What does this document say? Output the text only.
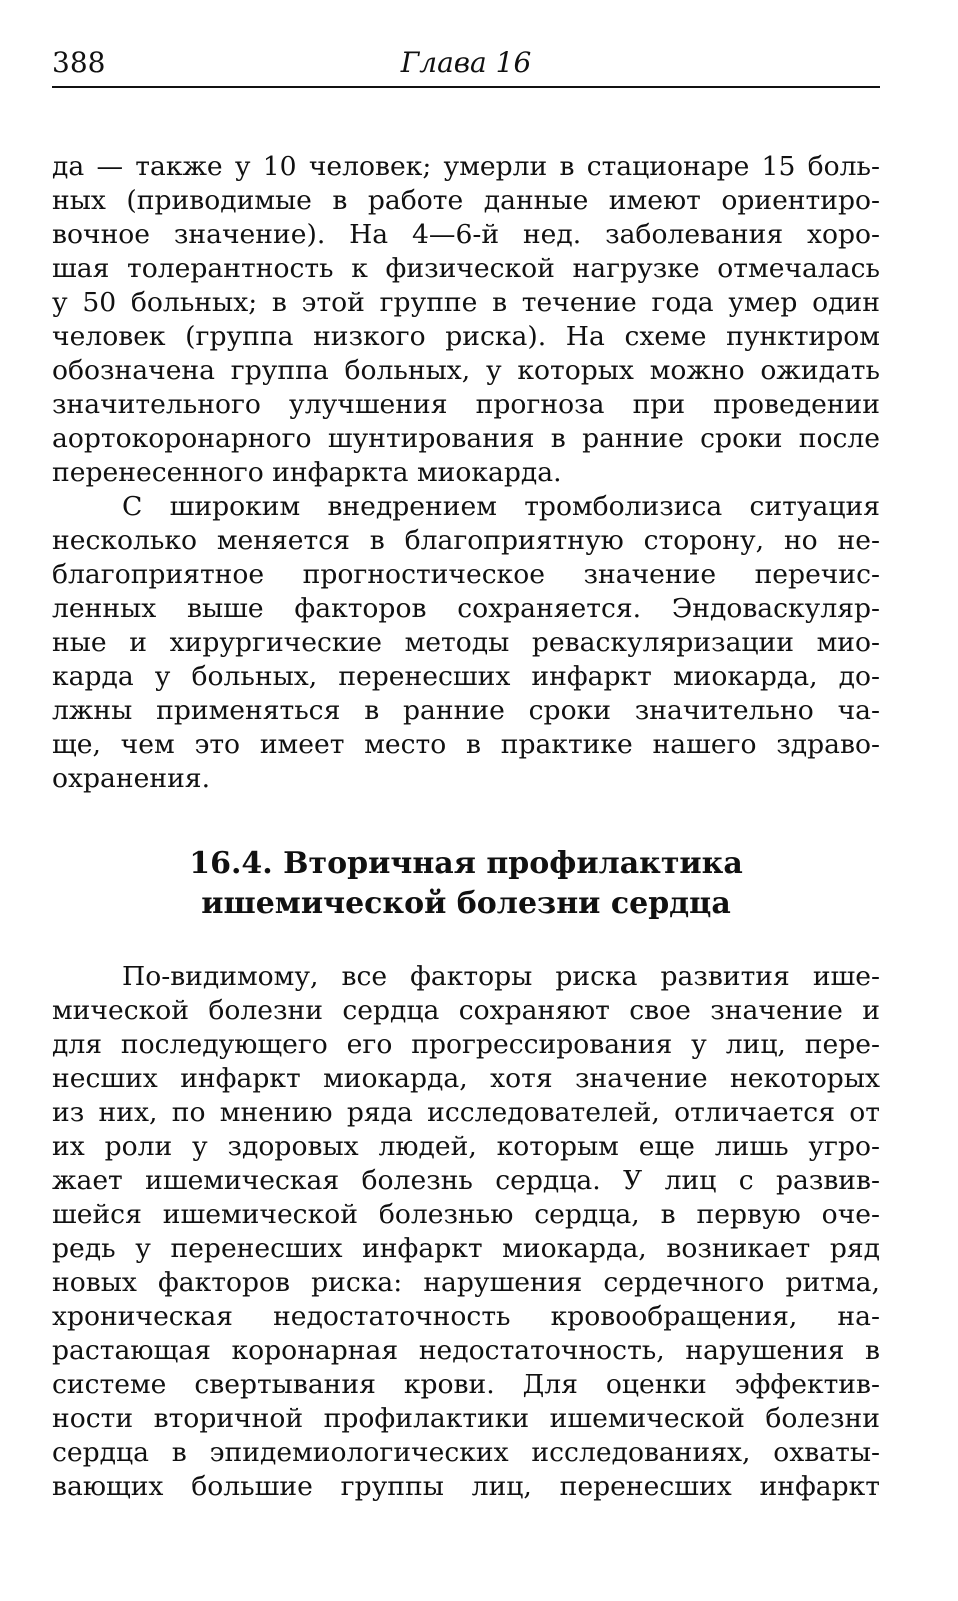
388	Глава 16
да — также у 10 человек; умерли в стационаре 15 боль-
ных (приводимые в работе данные имеют ориентиро-
вочное значение). На 4—6-й нед. заболевания хоро-
шая толерантность к физической нагрузке отмечалась
у 50 больных; в этой группе в течение года умер один
человек (группа низкого риска). На схеме пунктиром
обозначена группа больных, у которых можно ожидать
значительного улучшения прогноза при проведении
аортокоронарного шунтирования в ранние сроки после
перенесенного инфаркта миокарда.
С широким внедрением тромболизиса ситуация
несколько меняется в благоприятную сторону, но не-
благоприятное прогностическое значение перечис-
ленных выше факторов сохраняется. Эндоваскуляр-
ные и хирургические методы реваскуляризации мио-
карда у больных, перенесших инфаркт миокарда, до-
лжны применяться в ранние сроки значительно ча-
ще, чем это имеет место в практике нашего здраво-
охранения.
16.4. Вторичная профилактика
ишемической болезни сердца
По-видимому, все факторы риска развития ише-
мической болезни сердца сохраняют свое значение и
для последующего его прогрессирования у лиц, пере-
несших инфаркт миокарда, хотя значение некоторых
из них, по мнению ряда исследователей, отличается от
их роли у здоровых людей, которым еще лишь угро-
жает ишемическая болезнь сердца. У лиц с развив-
шейся ишемической болезнью сердца, в первую оче-
редь у перенесших инфаркт миокарда, возникает ряд
новых факторов риска: нарушения сердечного ритма,
хроническая недостаточность кровообращения, на-
растающая коронарная недостаточность, нарушения в
системе свертывания крови. Для оценки эффектив-
ности вторичной профилактики ишемической болезни
сердца в эпидемиологических исследованиях, охваты-
вающих большие группы лиц, перенесших инфаркт
